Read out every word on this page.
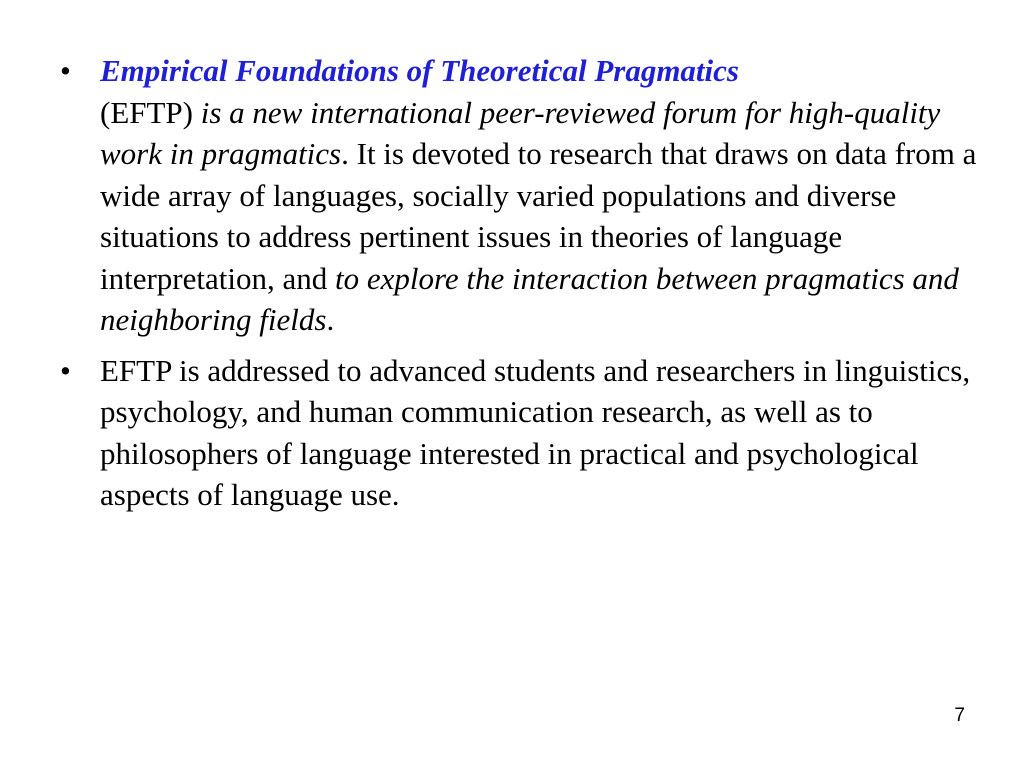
• Empirical Foundations of Theoretical Pragmatics
(EFTP) is a new international peer-reviewed forum for high-quality work in pragmatics. It is devoted to research that draws on data from a wide array of languages, socially varied populations and diverse situations to address pertinent issues in theories of language interpretation, and to explore the interaction between pragmatics and neighboring fields.
• EFTP is addressed to advanced students and researchers in linguistics, psychology, and human communication research, as well as to philosophers of language interested in practical and psychological aspects of language use.
7
